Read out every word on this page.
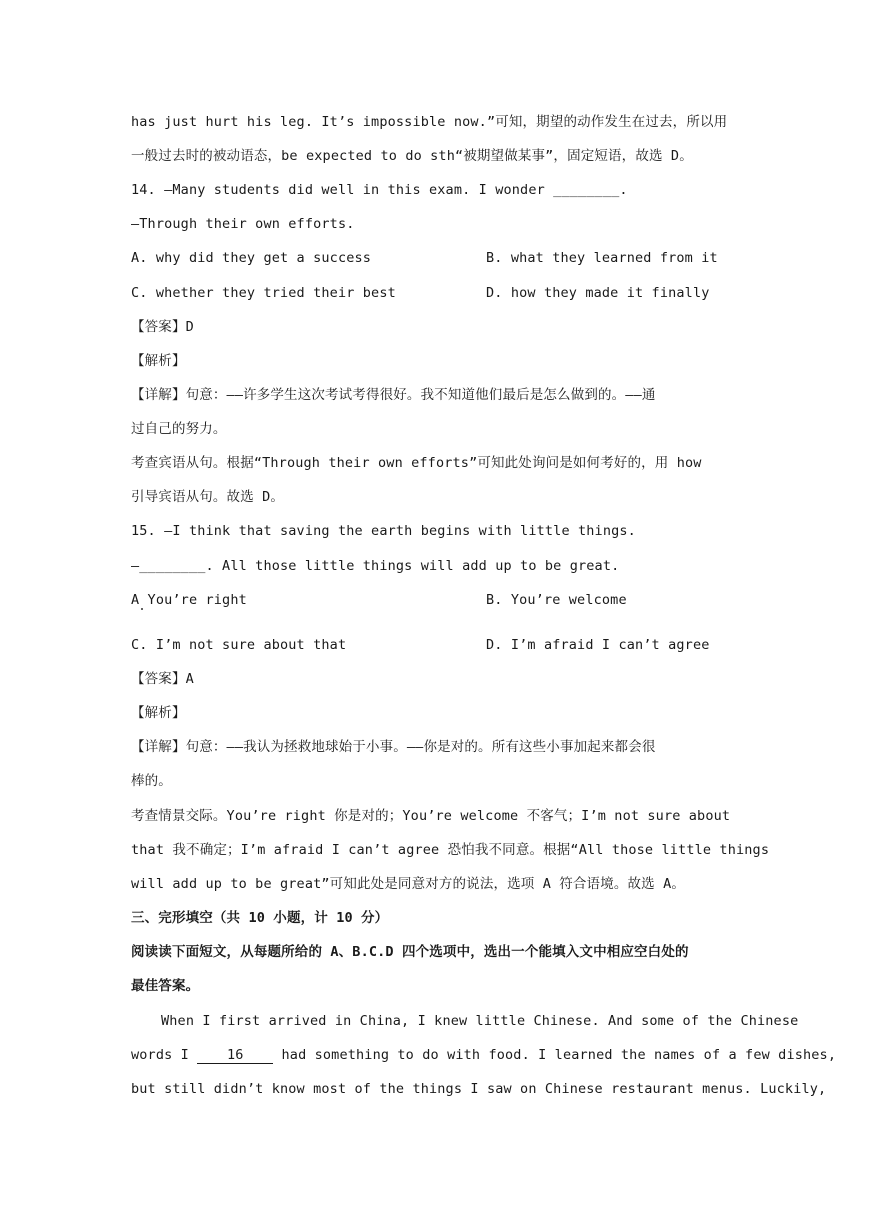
has just hurt his leg. It’s impossible now.”可知，期望的动作发生在过去，所以用
一般过去时的被动语态，be expected to do sth“被期望做某事”，固定短语，故选 D。
14. —Many students did well in this exam. I wonder ________.
—Through their own efforts.
A. why did they get a success	B. what they learned from it
C. whether they tried their best	D. how they made it finally
【答案】D
【解析】
【详解】句意：——许多学生这次考试考得很好。我不知道他们最后是怎么做到的。——通
过自己的努力。
考查宾语从句。根据“Through their own efforts”可知此处询问是如何考好的，用 how
引导宾语从句。故选 D。
15. —I think that saving the earth begins with little things.
—________. All those little things will add up to be great.
A You’re right	B. You’re welcome
C. I’m not sure about that	D. I’m afraid I can’t agree
【答案】A
【解析】
【详解】句意：——我认为拯救地球始于小事。——你是对的。所有这些小事加起来都会很
棒的。
考查情景交际。You’re right 你是对的；You’re welcome 不客气；I’m not sure about
that 我不确定；I’m afraid I can’t agree 恐怕我不同意。根据“All those little things
will add up to be great”可知此处是同意对方的说法，选项 A 符合语境。故选 A。
三、完形填空（共 10 小题，计 10 分）
阅读读下面短文，从每题所给的 A、B.C.D 四个选项中，选出一个能填入文中相应空白处的
最佳答案。
When I first arrived in China, I knew little Chinese. And some of the Chinese
words I 16 had something to do with food. I learned the names of a few dishes,
but still didn’t know most of the things I saw on Chinese restaurant menus. Luckily,
